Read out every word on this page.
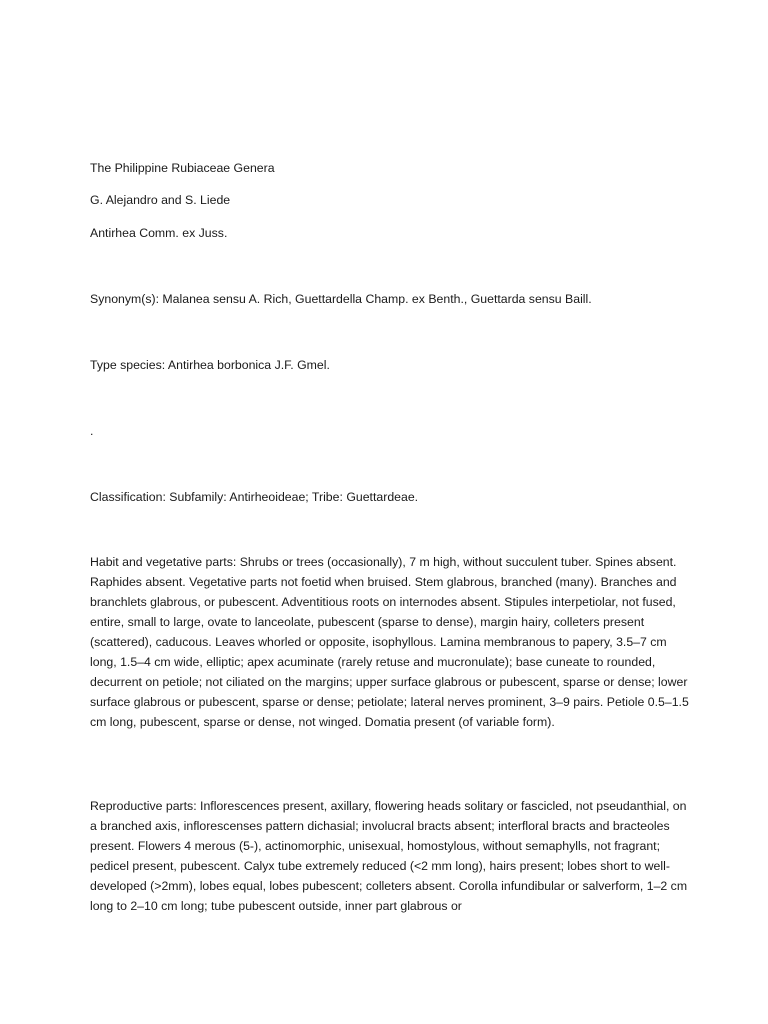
The Philippine Rubiaceae Genera

G. Alejandro and S. Liede

Antirhea Comm. ex Juss.

Synonym(s): Malanea sensu A. Rich, Guettardella Champ. ex Benth., Guettarda sensu Baill.

Type species: Antirhea borbonica J.F. Gmel.

.

Classification: Subfamily: Antirheoideae; Tribe: Guettardeae.

Habit and vegetative parts: Shrubs or trees (occasionally), 7 m high, without succulent tuber. Spines absent. Raphides absent. Vegetative parts not foetid when bruised. Stem glabrous, branched (many). Branches and branchlets glabrous, or pubescent. Adventitious roots on internodes absent. Stipules interpetiolar, not fused, entire, small to large, ovate to lanceolate, pubescent (sparse to dense), margin hairy, colleters present (scattered), caducous. Leaves whorled or opposite, isophyllous. Lamina membranous to papery, 3.5–7 cm long, 1.5–4 cm wide, elliptic; apex acuminate (rarely retuse and mucronulate); base cuneate to rounded, decurrent on petiole; not ciliated on the margins; upper surface glabrous or pubescent, sparse or dense; lower surface glabrous or pubescent, sparse or dense; petiolate; lateral nerves prominent, 3–9 pairs. Petiole 0.5–1.5 cm long, pubescent, sparse or dense, not winged. Domatia present (of variable form).

Reproductive parts: Inflorescences present, axillary, flowering heads solitary or fascicled, not pseudanthial, on a branched axis, inflorescenses pattern dichasial; involucral bracts absent; interfloral bracts and bracteoles present. Flowers 4 merous (5-), actinomorphic, unisexual, homostylous, without semaphylls, not fragrant; pedicel present, pubescent. Calyx tube extremely reduced (<2 mm long), hairs present; lobes short to well-developed (>2mm), lobes equal, lobes pubescent; colleters absent. Corolla infundibular or salverform, 1–2 cm long to 2–10 cm long; tube pubescent outside, inner part glabrous or
